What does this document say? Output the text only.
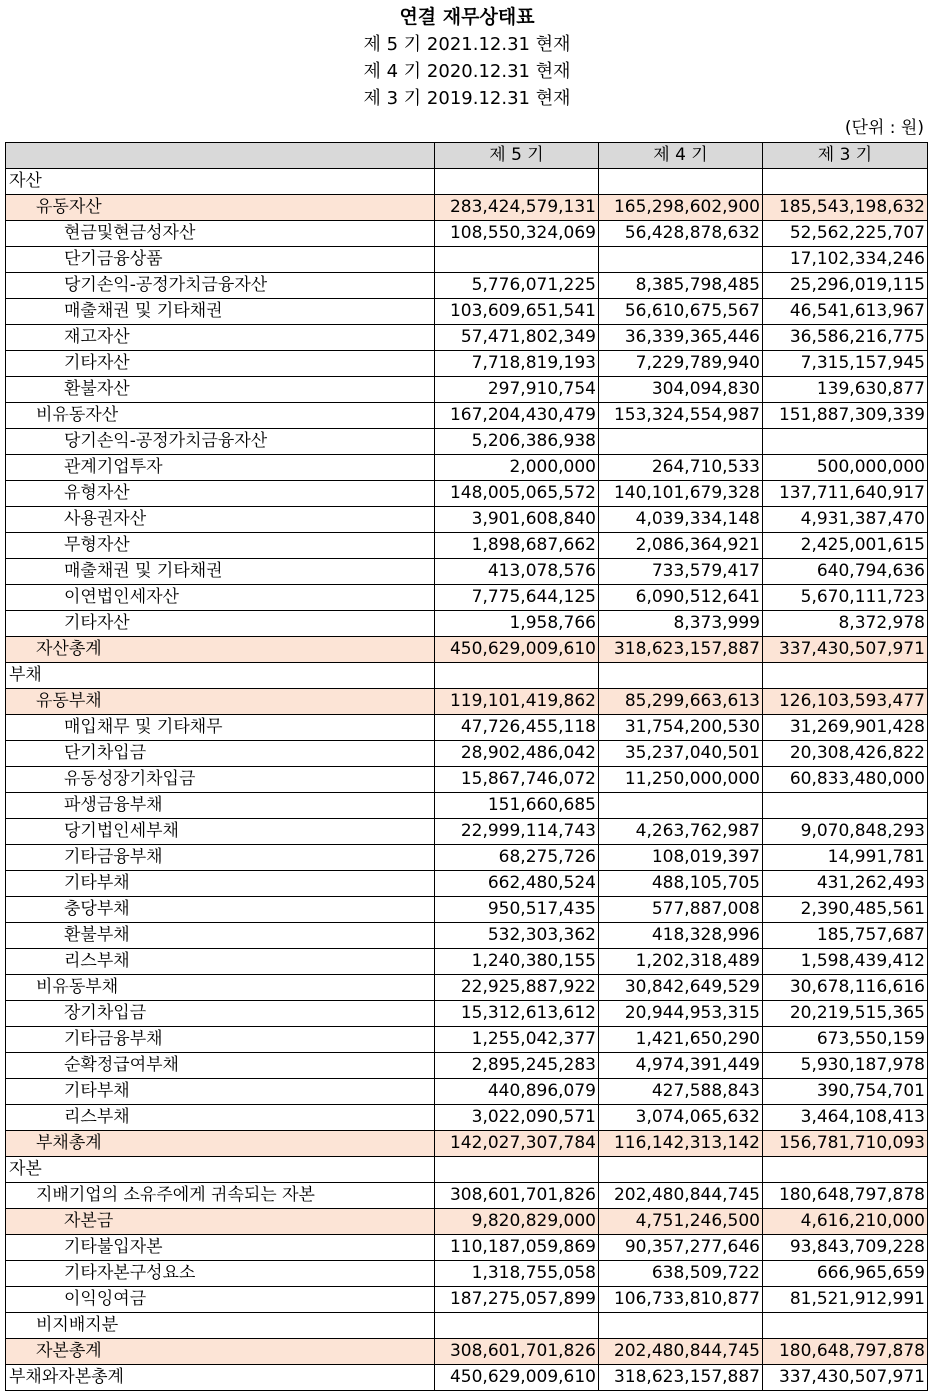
연결 재무상태표
제 5 기 2021.12.31 현재
제 4 기 2020.12.31 현재
제 3 기 2019.12.31 현재
(단위 : 원)
	제 5 기	제 4 기	제 3 기
자산			
유동자산	283,424,579,131	165,298,602,900	185,543,198,632
현금및현금성자산	108,550,324,069	56,428,878,632	52,562,225,707
단기금융상품			17,102,334,246
당기손익-공정가치금융자산	5,776,071,225	8,385,798,485	25,296,019,115
매출채권 및 기타채권	103,609,651,541	56,610,675,567	46,541,613,967
재고자산	57,471,802,349	36,339,365,446	36,586,216,775
기타자산	7,718,819,193	7,229,789,940	7,315,157,945
환불자산	297,910,754	304,094,830	139,630,877
비유동자산	167,204,430,479	153,324,554,987	151,887,309,339
당기손익-공정가치금융자산	5,206,386,938		
관계기업투자	2,000,000	264,710,533	500,000,000
유형자산	148,005,065,572	140,101,679,328	137,711,640,917
사용권자산	3,901,608,840	4,039,334,148	4,931,387,470
무형자산	1,898,687,662	2,086,364,921	2,425,001,615
매출채권 및 기타채권	413,078,576	733,579,417	640,794,636
이연법인세자산	7,775,644,125	6,090,512,641	5,670,111,723
기타자산	1,958,766	8,373,999	8,372,978
자산총계	450,629,009,610	318,623,157,887	337,430,507,971
부채			
유동부채	119,101,419,862	85,299,663,613	126,103,593,477
매입채무 및 기타채무	47,726,455,118	31,754,200,530	31,269,901,428
단기차입금	28,902,486,042	35,237,040,501	20,308,426,822
유동성장기차입금	15,867,746,072	11,250,000,000	60,833,480,000
파생금융부채	151,660,685		
당기법인세부채	22,999,114,743	4,263,762,987	9,070,848,293
기타금융부채	68,275,726	108,019,397	14,991,781
기타부채	662,480,524	488,105,705	431,262,493
충당부채	950,517,435	577,887,008	2,390,485,561
환불부채	532,303,362	418,328,996	185,757,687
리스부채	1,240,380,155	1,202,318,489	1,598,439,412
비유동부채	22,925,887,922	30,842,649,529	30,678,116,616
장기차입금	15,312,613,612	20,944,953,315	20,219,515,365
기타금융부채	1,255,042,377	1,421,650,290	673,550,159
순확정급여부채	2,895,245,283	4,974,391,449	5,930,187,978
기타부채	440,896,079	427,588,843	390,754,701
리스부채	3,022,090,571	3,074,065,632	3,464,108,413
부채총계	142,027,307,784	116,142,313,142	156,781,710,093
자본			
지배기업의 소유주에게 귀속되는 자본	308,601,701,826	202,480,844,745	180,648,797,878
자본금	9,820,829,000	4,751,246,500	4,616,210,000
기타불입자본	110,187,059,869	90,357,277,646	93,843,709,228
기타자본구성요소	1,318,755,058	638,509,722	666,965,659
이익잉여금	187,275,057,899	106,733,810,877	81,521,912,991
비지배지분			
자본총계	308,601,701,826	202,480,844,745	180,648,797,878
부채와자본총계	450,629,009,610	318,623,157,887	337,430,507,971
